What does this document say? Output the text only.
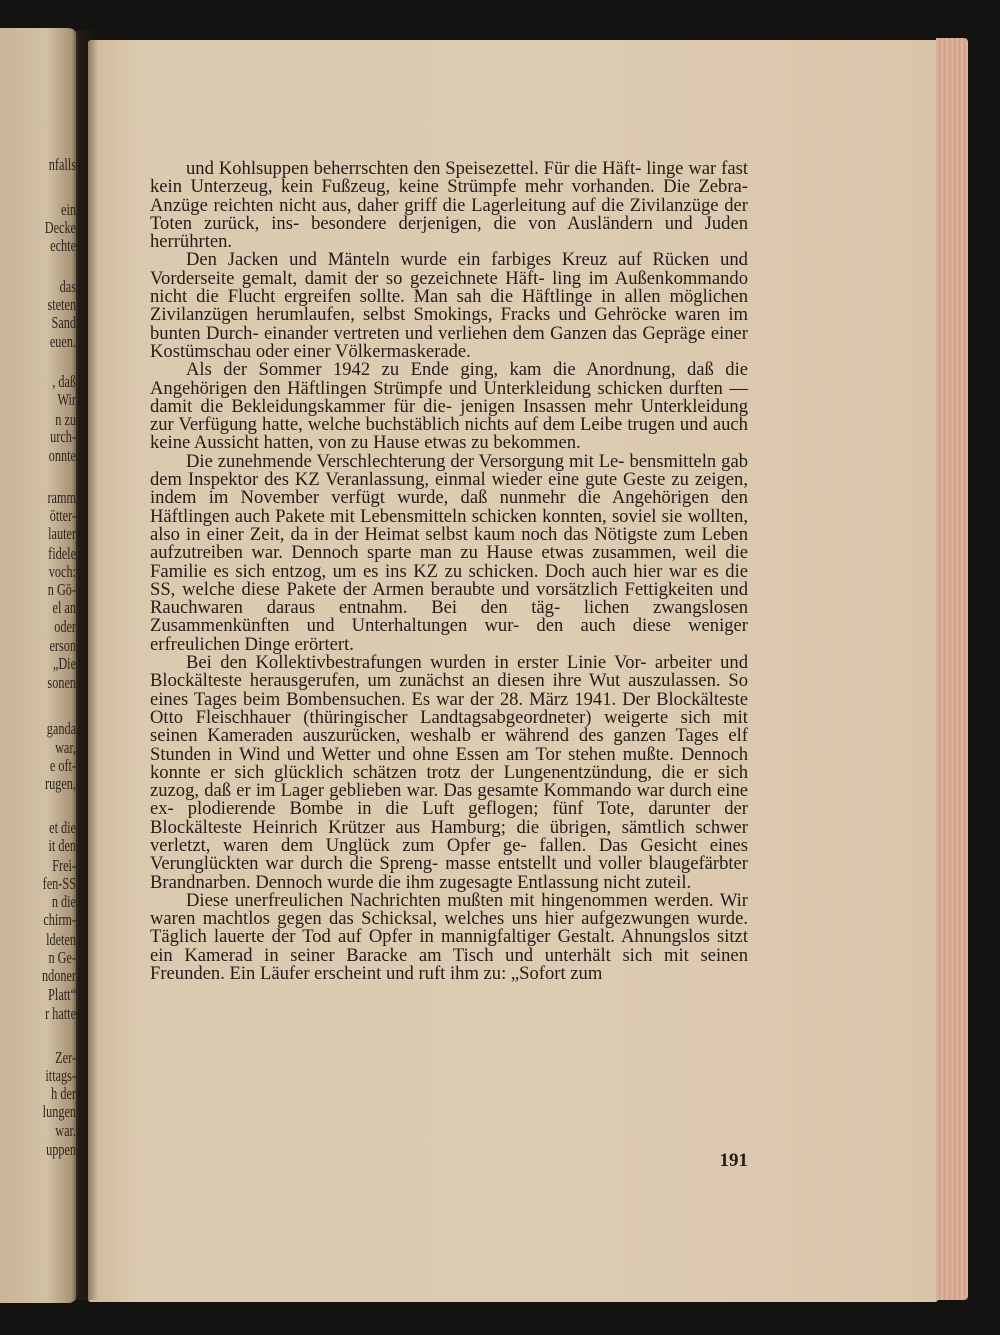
nfalls
ein
Decke
echte
das
steten
Sand
euen.
, daß
Wir
n zu
urch-
onnte
ramm
ötter-
lauter
fidele
voch:
n Gö-
el an
oder
erson
„Die
sonen
ganda
war,
e oft-
rugen,
et die
it den
Frei-
fen-SS
n die
chirm-
ldeten
n Ge-
ndoner
Platt“
r hatte
Zer-
ittags-
h der
lungen
war.
uppen

und Kohlsuppen beherrschten den Speisezettel. Für die Häft- linge war fast kein Unterzeug, kein Fußzeug, keine Strümpfe mehr vorhanden. Die Zebra-Anzüge reichten nicht aus, daher griff die Lagerleitung auf die Zivilanzüge der Toten zurück, ins- besondere derjenigen, die von Ausländern und Juden herrührten.

Den Jacken und Mänteln wurde ein farbiges Kreuz auf Rücken und Vorderseite gemalt, damit der so gezeichnete Häft- ling im Außenkommando nicht die Flucht ergreifen sollte. Man sah die Häftlinge in allen möglichen Zivilanzügen herumlaufen, selbst Smokings, Fracks und Gehröcke waren im bunten Durch- einander vertreten und verliehen dem Ganzen das Gepräge einer Kostümschau oder einer Völkermaskerade.

Als der Sommer 1942 zu Ende ging, kam die Anordnung, daß die Angehörigen den Häftlingen Strümpfe und Unterkleidung schicken durften — damit die Bekleidungskammer für die- jenigen Insassen mehr Unterkleidung zur Verfügung hatte, welche buchstäblich nichts auf dem Leibe trugen und auch keine Aussicht hatten, von zu Hause etwas zu bekommen.

Die zunehmende Verschlechterung der Versorgung mit Le- bensmitteln gab dem Inspektor des KZ Veranlassung, einmal wieder eine gute Geste zu zeigen, indem im November verfügt wurde, daß nunmehr die Angehörigen den Häftlingen auch Pakete mit Lebensmitteln schicken konnten, soviel sie wollten, also in einer Zeit, da in der Heimat selbst kaum noch das Nötigste zum Leben aufzutreiben war. Dennoch sparte man zu Hause etwas zusammen, weil die Familie es sich entzog, um es ins KZ zu schicken. Doch auch hier war es die SS, welche diese Pakete der Armen beraubte und vorsätzlich Fettigkeiten und Rauchwaren daraus entnahm. Bei den täg- lichen zwangslosen Zusammenkünften und Unterhaltungen wur- den auch diese weniger erfreulichen Dinge erörtert.

Bei den Kollektivbestrafungen wurden in erster Linie Vor- arbeiter und Blockälteste herausgerufen, um zunächst an diesen ihre Wut auszulassen. So eines Tages beim Bombensuchen. Es war der 28. März 1941. Der Blockälteste Otto Fleischhauer (thüringischer Landtagsabgeordneter) weigerte sich mit seinen Kameraden auszurücken, weshalb er während des ganzen Tages elf Stunden in Wind und Wetter und ohne Essen am Tor stehen mußte. Dennoch konnte er sich glücklich schätzen trotz der Lungenentzündung, die er sich zuzog, daß er im Lager geblieben war. Das gesamte Kommando war durch eine ex- plodierende Bombe in die Luft geflogen; fünf Tote, darunter der Blockälteste Heinrich Krützer aus Hamburg; die übrigen, sämtlich schwer verletzt, waren dem Unglück zum Opfer ge- fallen. Das Gesicht eines Verunglückten war durch die Spreng- masse entstellt und voller blaugefärbter Brandnarben. Dennoch wurde die ihm zugesagte Entlassung nicht zuteil.

Diese unerfreulichen Nachrichten mußten mit hingenommen werden. Wir waren machtlos gegen das Schicksal, welches uns hier aufgezwungen wurde. Täglich lauerte der Tod auf Opfer in mannigfaltiger Gestalt. Ahnungslos sitzt ein Kamerad in seiner Baracke am Tisch und unterhält sich mit seinen Freunden. Ein Läufer erscheint und ruft ihm zu: „Sofort zum

191
